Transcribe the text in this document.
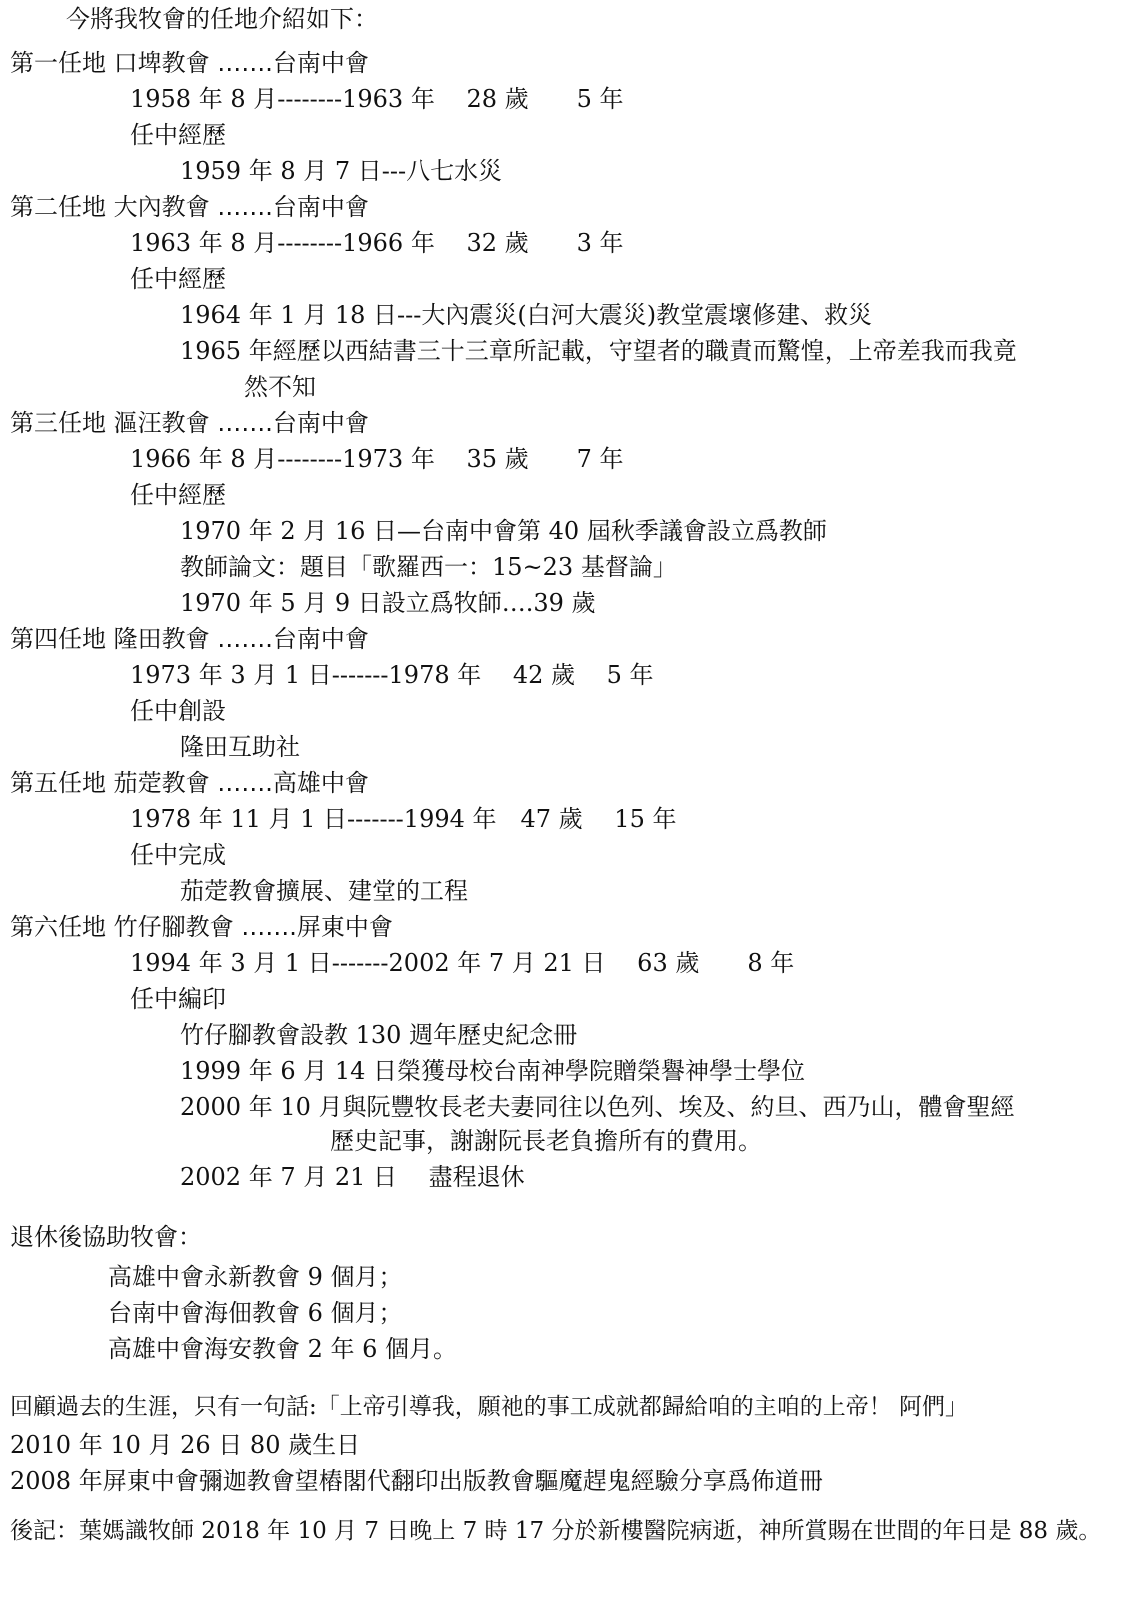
今將我牧會的任地介紹如下：
第一任地 口埤教會 …….台南中會
1958 年 8 月--------1963 年　 28 歲　　5 年
任中經歷
1959 年 8 月 7 日---八七水災
第二任地 大內教會 …….台南中會
1963 年 8 月--------1966 年　 32 歲　　3 年
任中經歷
1964 年 1 月 18 日---大內震災(白河大震災)教堂震壞修建、救災
1965 年經歷以西結書三十三章所記載，守望者的職責而驚惶，上帝差我而我竟
然不知
第三任地 漚汪教會 …….台南中會
1966 年 8 月--------1973 年　 35 歲　　7 年
任中經歷
1970 年 2 月 16 日—台南中會第 40 屆秋季議會設立爲教師
教師論文：題目「歌羅西一：15~23 基督論」
1970 年 5 月 9 日設立爲牧師….39 歲
第四任地 隆田教會 …….台南中會
1973 年 3 月 1 日-------1978 年　 42 歲　 5 年
任中創設
隆田互助社
第五任地 茄萣教會 …….高雄中會
1978 年 11 月 1 日-------1994 年　47 歲　 15 年
任中完成
茄萣教會擴展、建堂的工程
第六任地 竹仔腳教會 …….屏東中會
1994 年 3 月 1 日-------2002 年 7 月 21 日　 63 歲　　8 年
任中編印
竹仔腳教會設教 130 週年歷史紀念冊
1999 年 6 月 14 日榮獲母校台南神學院贈榮譽神學士學位
2000 年 10 月與阮豐牧長老夫妻同往以色列、埃及、約旦、西乃山，體會聖經
歷史記事，謝謝阮長老負擔所有的費用。
2002 年 7 月 21 日　 盡程退休
退休後協助牧會：
高雄中會永新教會 9 個月；
台南中會海佃教會 6 個月；
高雄中會海安教會 2 年 6 個月。
回顧過去的生涯，只有一句話:「上帝引導我，願祂的事工成就都歸給咱的主咱的上帝！ 阿們」
2010 年 10 月 26 日 80 歲生日
2008 年屏東中會彌迦教會望樁閣代翻印出版教會驅魔趕鬼經驗分享爲佈道冊
後記：葉媽識牧師 2018 年 10 月 7 日晚上 7 時 17 分於新樓醫院病逝，神所賞賜在世間的年日是 88 歲。
